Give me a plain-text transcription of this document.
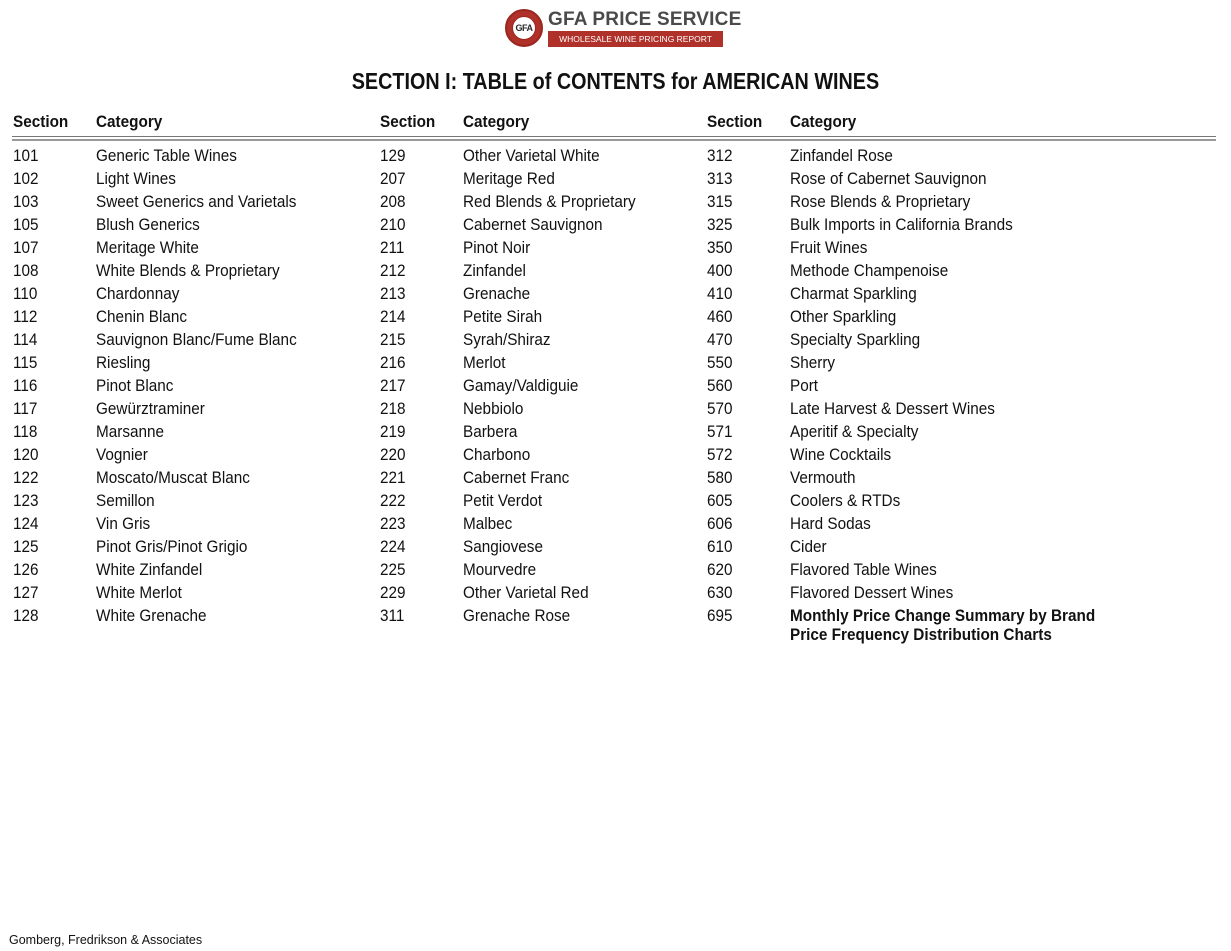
GFA GFA PRICE SERVICE
WHOLESALE WINE PRICING REPORT
SECTION I: TABLE of CONTENTS for AMERICAN WINES
Section Category	Section Category	Section Category
101	Generic Table Wines	129	Other Varietal White	312	Zinfandel Rose
102	Light Wines	207	Meritage Red	313	Rose of Cabernet Sauvignon
103	Sweet Generics and Varietals	208	Red Blends & Proprietary	315	Rose Blends & Proprietary
105	Blush Generics	210	Cabernet Sauvignon	325	Bulk Imports in California Brands
107	Meritage White	211	Pinot Noir	350	Fruit Wines
108	White Blends & Proprietary	212	Zinfandel	400	Methode Champenoise
110	Chardonnay	213	Grenache	410	Charmat Sparkling
112	Chenin Blanc	214	Petite Sirah	460	Other Sparkling
114	Sauvignon Blanc/Fume Blanc	215	Syrah/Shiraz	470	Specialty Sparkling
115	Riesling	216	Merlot	550	Sherry
116	Pinot Blanc	217	Gamay/Valdiguie	560	Port
117	Gewürztraminer	218	Nebbiolo	570	Late Harvest & Dessert Wines
118	Marsanne	219	Barbera	571	Aperitif & Specialty
120	Vognier	220	Charbono	572	Wine Cocktails
122	Moscato/Muscat Blanc	221	Cabernet Franc	580	Vermouth
123	Semillon	222	Petit Verdot	605	Coolers & RTDs
124	Vin Gris	223	Malbec	606	Hard Sodas
125	Pinot Gris/Pinot Grigio	224	Sangiovese	610	Cider
126	White Zinfandel	225	Mourvedre	620	Flavored Table Wines
127	White Merlot	229	Other Varietal Red	630	Flavored Dessert Wines
128	White Grenache	311	Grenache Rose	695	Monthly Price Change Summary by Brand
Price Frequency Distribution Charts
Gomberg, Fredrikson & Associates
